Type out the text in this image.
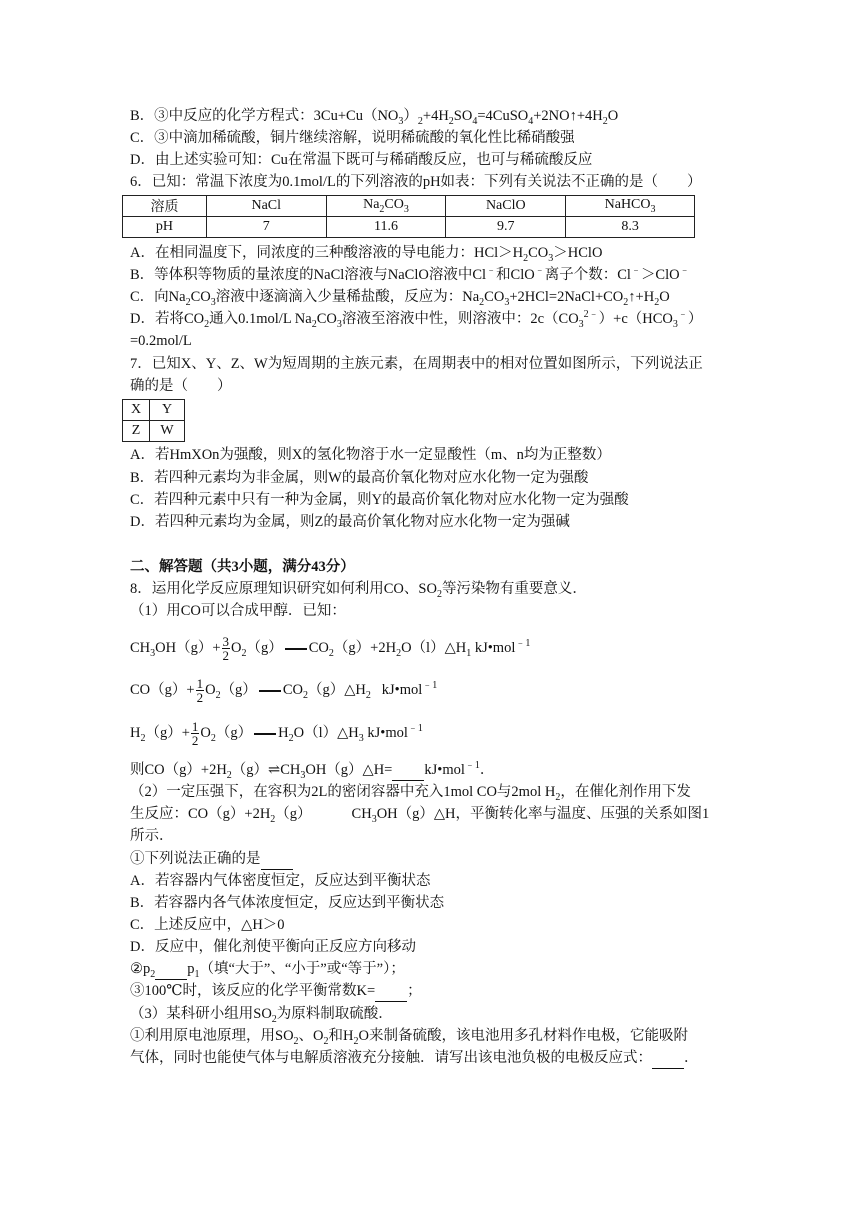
B．③中反应的化学方程式：$3Cu+Cu(NO_3)_2+4H_2SO_4=4CuSO_4+2NO↑+4H_2O$
C．③中滴加稀硫酸，铜片继续溶解，说明稀硫酸的氧化性比稀硝酸强
D．由上述实验可知：Cu在常温下既可与稀硝酸反应，也可与稀硫酸反应
6．已知：常温下浓度为0.1mol/L的下列溶液的pH如表：下列有关说法不正确的是（　　）
溶质	NaCl	$Na_2CO_3$	NaClO	NaHCO$_3$
pH	7	11.6	9.7	8.3
A．在相同温度下，同浓度的三种酸溶液的导电能力：$HCl>H_2CO_3>HClO$
B．等体积等物质的量浓度的NaCl溶液与NaClO溶液中Cl﹣和ClO﹣离子个数：Cl﹣＞ClO﹣
C．向$Na_2CO_3$溶液中逐滴滴入少量稀盐酸，反应为：$Na_2CO_3+2HCl=2NaCl+CO_2↑+H_2O$
D．若将$CO_2$通入0.1mol/L $Na_2CO_3$溶液至溶液中性，则溶液中：$2c(CO_3^{2﹣})+c(HCO_3^﹣)$
=0.2mol/L
7．已知X、Y、Z、W为短周期的主族元素，在周期表中的相对位置如图所示，下列说法正
确的是（　　）
X	Y
Z	W
A．若HmXOn为强酸，则X的氢化物溶于水一定显酸性（m、n均为正整数）
B．若四种元素均为非金属，则W的最高价氧化物对应水化物一定为强酸
C．若四种元素中只有一种为金属，则Y的最高价氧化物对应水化物一定为强酸
D．若四种元素均为金属，则Z的最高价氧化物对应水化物一定为强碱
二、解答题（共3小题，满分43分）
8．运用化学反应原理知识研究如何利用CO、$SO_2$等污染物有重要意义．
（1）用CO可以合成甲醇．已知：
$CH_3OH(g)+ \frac{3}{2} O_2(g)$ $CO_2(g)+2H_2O(l)\triangle H_1$ kJ•mol$^{﹣1}$
$CO(g)+ \frac{1}{2} O_2(g)$ $CO_2(g)\triangle H_2$ kJ•mol$^{﹣1}$
$H_2(g)+ \frac{1}{2} O_2(g)$ $H_2O(l)\triangle H_3$ kJ•mol$^{﹣1}$
则$CO(g)+2H_2(g)\rightleftharpoons CH_3OH(g)\triangle H=$ kJ•mol$^{﹣1}$．
（2）一定压强下，在容积为2L的密闭容器中充入1mol CO与2mol $H_2$，在催化剂作用下发
生反应：$CO(g)+2H_2(g)$	$CH_3OH(g)\triangle H$，平衡转化率与温度、压强的关系如图1
所示．
①下列说法正确的是
A．若容器内气体密度恒定，反应达到平衡状态
B．若容器内各气体浓度恒定，反应达到平衡状态
C．上述反应中，△H＞0
D．反应中，催化剂使平衡向正反应方向移动
$②p_2$ $p_1$（填“大于”、“小于”或“等于”）；
③100℃时，该反应的化学平衡常数K= ；
（3）某科研小组用$SO_2$为原料制取硫酸．
①利用原电池原理，用$SO_2$、$O_2$和$H_2O$来制备硫酸，该电池用多孔材料作电极，它能吸附
气体，同时也能使气体与电解质溶液充分接触．请写出该电池负极的电极反应式： ．
